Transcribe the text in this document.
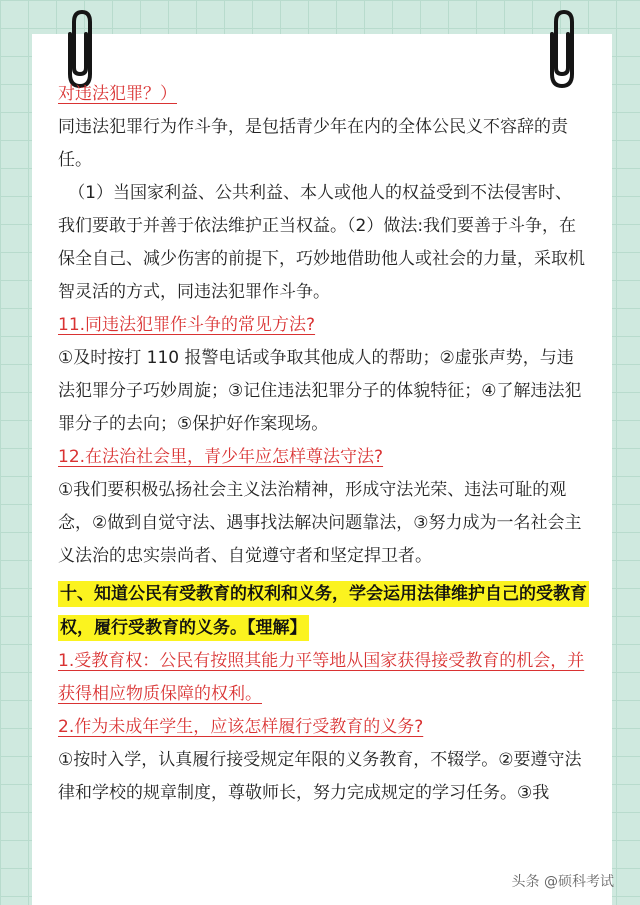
对违法犯罪？）

同违法犯罪行为作斗争，是包括青少年在内的全体公民义不容辞的责任。

（1）当国家利益、公共利益、本人或他人的权益受到不法侵害时、我们要敢于并善于依法维护正当权益。（2）做法:我们要善于斗争，在保全自己、减少伤害的前提下，巧妙地借助他人或社会的力量，采取机智灵活的方式，同违法犯罪作斗争。

11.同违法犯罪作斗争的常见方法?

①及时按打 110 报警电话或争取其他成人的帮助；②虚张声势，与违法犯罪分子巧妙周旋；③记住违法犯罪分子的体貌特征；④了解违法犯罪分子的去向；⑤保护好作案现场。

12.在法治社会里，青少年应怎样尊法守法?

①我们要积极弘扬社会主义法治精神，形成守法光荣、违法可耻的观念，②做到自觉守法、遇事找法解决问题靠法，③努力成为一名社会主义法治的忠实崇尚者、自觉遵守者和坚定捍卫者。

十、知道公民有受教育的权利和义务，学会运用法律维护自己的受教育权，履行受教育的义务。【理解】

1.受教育权：公民有按照其能力平等地从国家获得接受教育的机会，并获得相应物质保障的权利。

2.作为未成年学生，应该怎样履行受教育的义务?

①按时入学，认真履行接受规定年限的义务教育，不辍学。②要遵守法律和学校的规章制度，尊敬师长，努力完成规定的学习任务。③我

头条 @硕科考试
